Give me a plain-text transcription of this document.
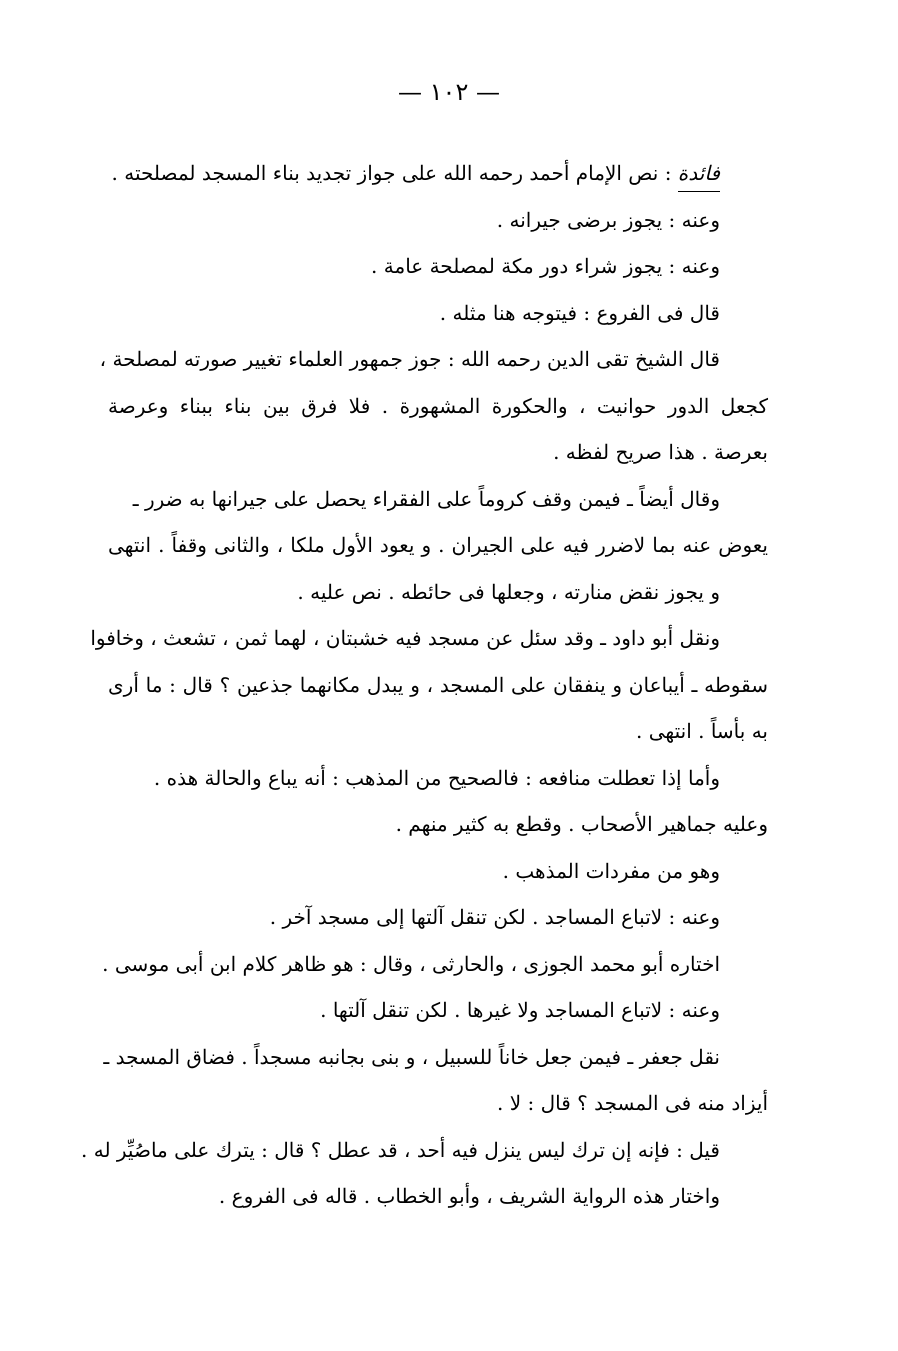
— ١٠٢ —
فائدة : نص الإمام أحمد رحمه الله على جواز تجديد بناء المسجد لمصلحته .
وعنه : يجوز برضى جيرانه .
وعنه : يجوز شراء دور مكة لمصلحة عامة .
قال فى الفروع : فيتوجه هنا مثله .
قال الشيخ تقى الدين رحمه الله : جوز جمهور العلماء تغيير صورته لمصلحة ،
كجعل الدور حوانيت ، والحكورة المشهورة . فلا فرق بين بناء ببناء وعرصة
بعرصة . هذا صريح لفظه .
وقال أيضاً ـ فيمن وقف كروماً على الفقراء يحصل على جيرانها به ضرر ـ
يعوض عنه بما لاضرر فيه على الجيران . و يعود الأول ملكا ، والثانى وقفاً . انتهى
و يجوز نقض منارته ، وجعلها فى حائطه . نص عليه .
ونقل أبو داود ـ وقد سئل عن مسجد فيه خشبتان ، لهما ثمن ، تشعث ، وخافوا
سقوطه ـ أيباعان و ينفقان على المسجد ، و يبدل مكانهما جذعين ؟ قال : ما أرى
به بأساً . انتهى .
وأما إذا تعطلت منافعه : فالصحيح من المذهب : أنه يباع والحالة هذه .
وعليه جماهير الأصحاب . وقطع به كثير منهم .
وهو من مفردات المذهب .
وعنه : لاتباع المساجد . لكن تنقل آلتها إلى مسجد آخر .
اختاره أبو محمد الجوزى ، والحارثى ، وقال : هو ظاهر كلام ابن أبى موسى .
وعنه : لاتباع المساجد ولا غيرها . لكن تنقل آلتها .
نقل جعفر ـ فيمن جعل خاناً للسبيل ، و بنى بجانبه مسجداً . فضاق المسجد ـ
أيزاد منه فى المسجد ؟ قال : لا .
قيل : فإنه إن ترك ليس ينزل فيه أحد ، قد عطل ؟ قال : يترك على ماصُيِّر له .
واختار هذه الرواية الشريف ، وأبو الخطاب . قاله فى الفروع .
